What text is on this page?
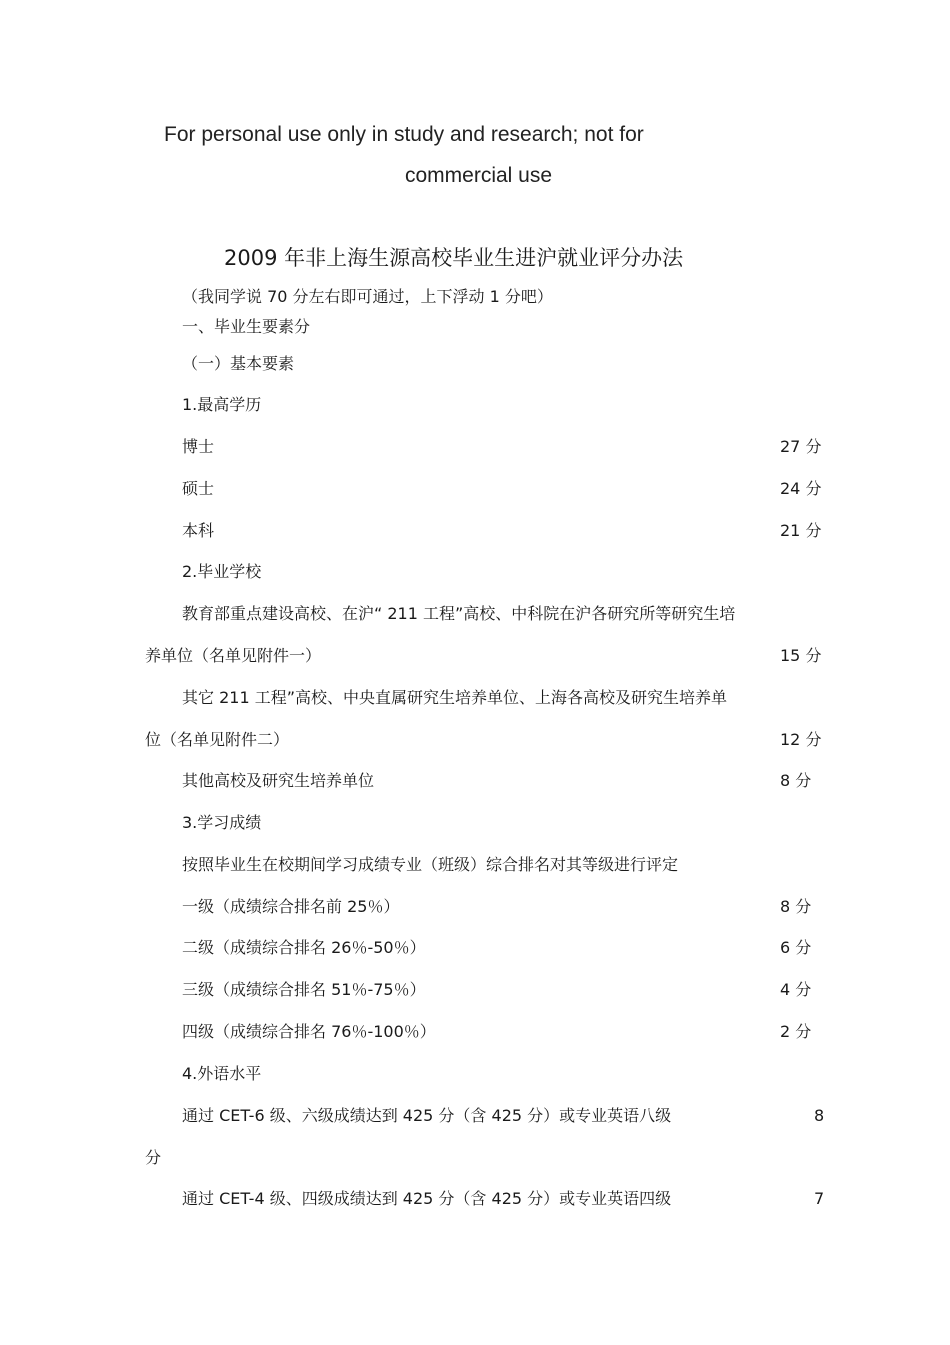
For personal use only in study and research; not for
commercial use
2009 年非上海生源高校毕业生进沪就业评分办法
（我同学说 70 分左右即可通过，上下浮动 1 分吧）
一、毕业生要素分
（一）基本要素
1.最高学历
博士	27 分
硕士	24 分
本科	21 分
2.毕业学校
教育部重点建设高校、在沪“ 211 工程”高校、中科院在沪各研究所等研究生培
养单位（名单见附件一）	15 分
其它 211 工程”高校、中央直属研究生培养单位、上海各高校及研究生培养单
位（名单见附件二）	12 分
其他高校及研究生培养单位	8 分
3.学习成绩
按照毕业生在校期间学习成绩专业（班级）综合排名对其等级进行评定
一级（成绩综合排名前 25％）	8 分
二级（成绩综合排名 26％-50％）	6 分
三级（成绩综合排名 51％-75％）	4 分
四级（成绩综合排名 76％-100％）	2 分
4.外语水平
通过 CET-6 级、六级成绩达到 425 分（含 425 分）或专业英语八级	8
分
通过 CET-4 级、四级成绩达到 425 分（含 425 分）或专业英语四级	7
